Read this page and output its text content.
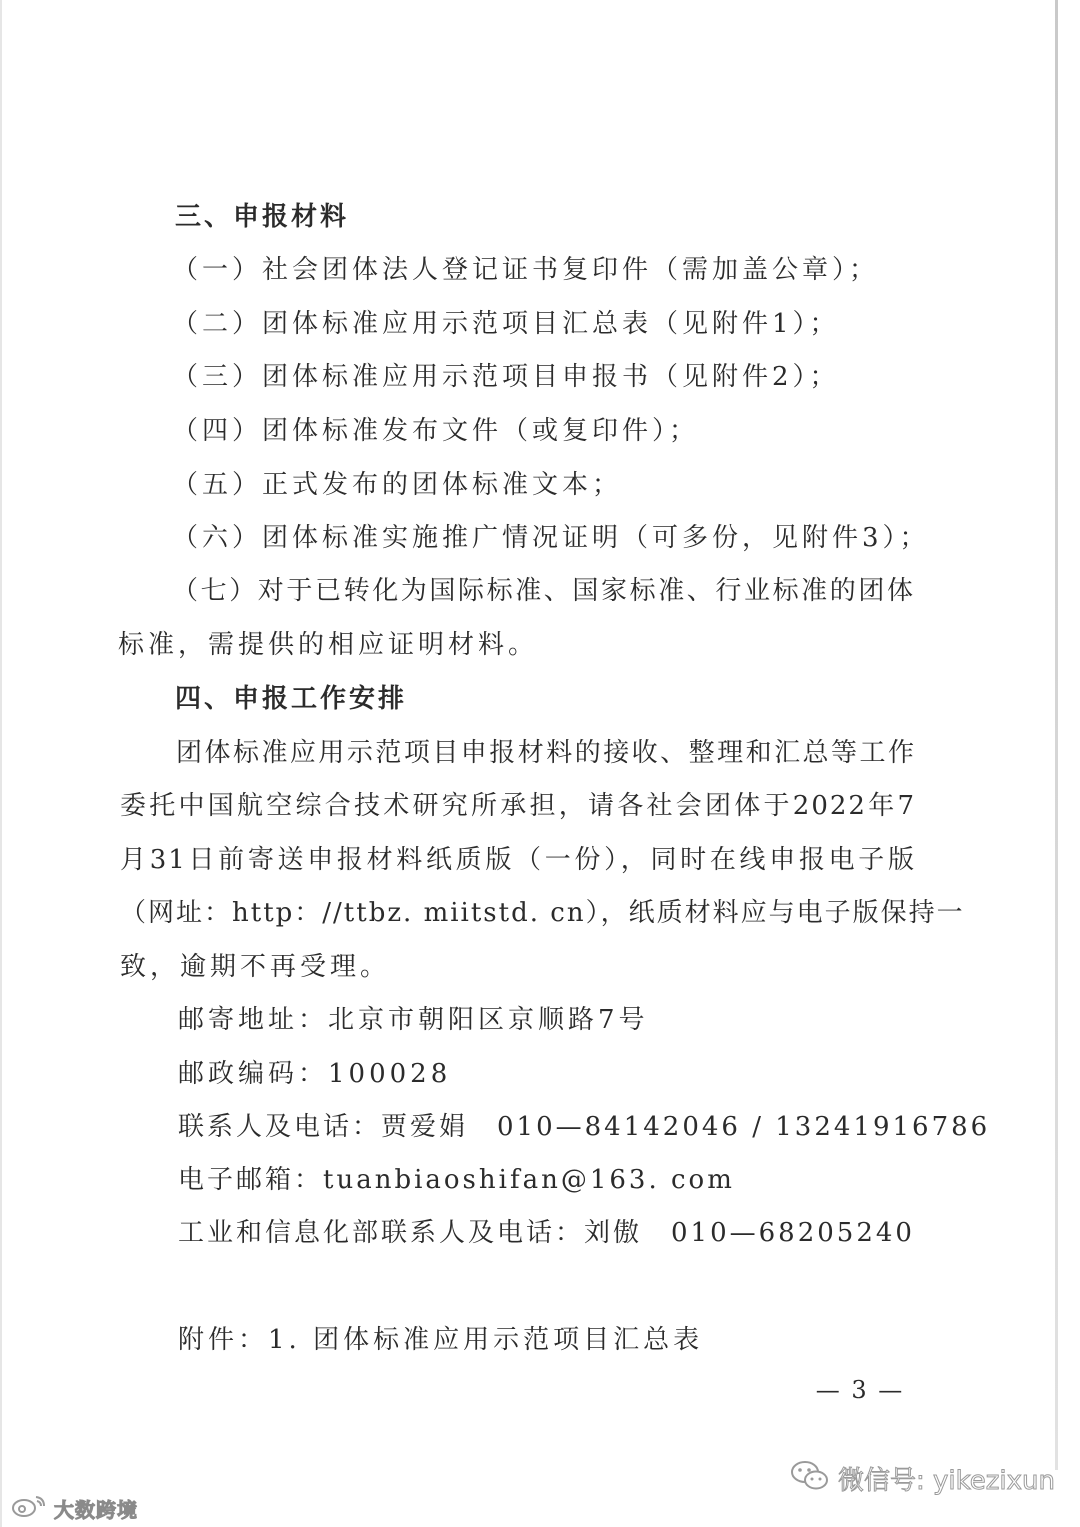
三、申报材料
（一）社会团体法人登记证书复印件（需加盖公章）；
（二）团体标准应用示范项目汇总表（见附件1）；
（三）团体标准应用示范项目申报书（见附件2）；
（四）团体标准发布文件（或复印件）；
（五）正式发布的团体标准文本；
（六）团体标准实施推广情况证明（可多份，见附件3）；
（七）对于已转化为国际标准、国家标准、行业标准的团体
标准，需提供的相应证明材料。
四、申报工作安排
团体标准应用示范项目申报材料的接收、整理和汇总等工作
委托中国航空综合技术研究所承担，请各社会团体于2022年7
月31日前寄送申报材料纸质版（一份），同时在线申报电子版
（网址：http：//ttbz. miitstd. cn），纸质材料应与电子版保持一
致，逾期不再受理。
邮寄地址：北京市朝阳区京顺路7号
邮政编码：100028
联系人及电话：贾爱娟　010—84142046 / 13241916786
电子邮箱：tuanbiaoshifan@163. com
工业和信息化部联系人及电话：刘傲　010—68205240
附件：1. 团体标准应用示范项目汇总表
— 3 —
大数跨境
微信号: yikezixun
